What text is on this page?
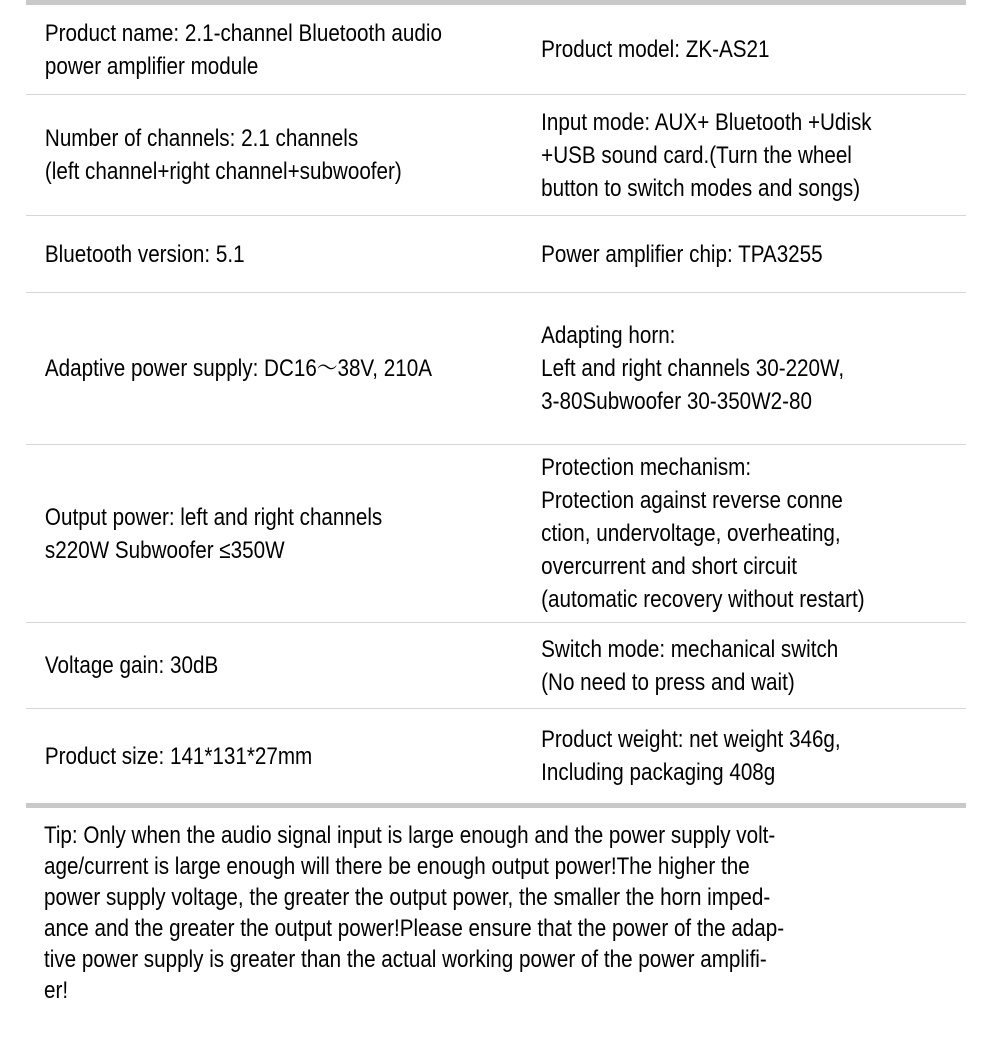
Product name: 2.1-channel Bluetooth audio
power amplifier module
Product model: ZK-AS21
Number of channels: 2.1 channels
(left channel+right channel+subwoofer)
Input mode: AUX+ Bluetooth +Udisk
+USB sound card.(Turn the wheel
button to switch modes and songs)
Bluetooth version: 5.1	Power amplifier chip: TPA3255
Adaptive power supply: DC16～38V, 210A
Adapting horn:
Left and right channels 30-220W,
3-80Subwoofer 30-350W2-80
Output power: left and right channels
s220W Subwoofer ≤350W
Protection mechanism:
Protection against reverse conne
ction, undervoltage, overheating,
overcurrent and short circuit
(automatic recovery without restart)
Voltage gain: 30dB
Switch mode: mechanical switch
(No need to press and wait)
Product size: 141*131*27mm
Product weight: net weight 346g,
Including packaging 408g
Tip: Only when the audio signal input is large enough and the power supply volt-
age/current is large enough will there be enough output power!The higher the
power supply voltage, the greater the output power, the smaller the horn imped-
ance and the greater the output power!Please ensure that the power of the adap-
tive power supply is greater than the actual working power of the power amplifi-
er!
